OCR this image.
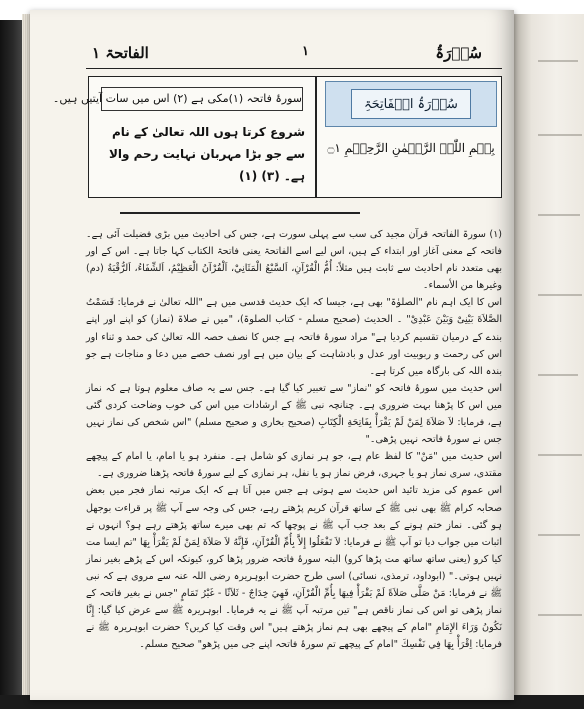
الفاتحۃ ۱	۱	سُوۡرَۃُ
سورۂ فاتحہ (۱)مکی ہے (۲) اس میں سات آیتیں ہیں۔
شروع کرتا ہوں اللہ تعالیٰ کے نام سے جو بڑا مہربان نہایت رحم والا ہے۔ (۳) (۱)
سُوۡرَۃُ الۡفَاتِحَۃِ
بِسۡمِ اللّٰہِ الرَّحۡمٰنِ الرَّحِیۡمِ ۝۱

(۱) سورۃ الفاتحہ قرآن مجید کی سب سے پہلی سورت ہے، جس کی احادیث میں بڑی فضیلت آئی ہے۔ فاتحہ کے معنی آغاز اور ابتداء کے ہیں، اس لیے اسے الفاتحۃ یعنی فاتحۃ الکتاب کہا جاتا ہے۔ اس کے اور بھی متعدد نام احادیث سے ثابت ہیں مثلاً: أُمُّ الْقُرْآنِ، اَلسَّبْعُ الْمَثَانِيْ، اَلْقُرْآنُ الْعَظِيْمُ، اَلشِّفَاءُ، اَلرُّقْيَةُ (دم) وغیرها من الأسماء۔

اس کا ایک اہم نام "الصلوٰۃ" بھی ہے، جیسا کہ ایک حدیث قدسی میں ہے "اللہ تعالیٰ نے فرمایا: قَسَمْتُ الصَّلاَةَ بَیْنِیْ وَبَیْنَ عَبْدِیْ" ۔ الحدیث (صحیح مسلم - کتاب الصلوۃ)، "میں نے صلاۃ (نماز) کو اپنے اور اپنے بندے کے درمیان تقسیم کردیا ہے" مراد سورۂ فاتحہ ہے جس کا نصف حصہ اللہ تعالیٰ کی حمد و ثناء اور اس کی رحمت و ربوبیت اور عدل و بادشاہت کے بیان میں ہے اور نصف حصے میں دعا و مناجات ہے جو بندہ اللہ کی بارگاہ میں کرتا ہے۔

اس حدیث میں سورۂ فاتحہ کو "نماز" سے تعبیر کیا گیا ہے۔ جس سے یہ صاف معلوم ہوتا ہے کہ نماز میں اس کا پڑھنا بہت ضروری ہے۔ چنانچہ نبی ﷺ کے ارشادات میں اس کی خوب وضاحت کردی گئی ہے، فرمایا: لاَ صَلاَةَ لِمَنْ لَمْ يَقْرَأْ بِفَاتِحَةِ الْكِتَابِ (صحیح بخاری و صحیح مسلم) "اس شخص کی نماز نہیں جس نے سورۂ فاتحہ نہیں پڑھی۔"

اس حدیث میں "مَنْ" کا لفظ عام ہے، جو ہر نمازی کو شامل ہے۔ منفرد ہو یا امام، یا امام کے پیچھے مقتدی، سری نماز ہو یا جہری، فرض نماز ہو یا نفل، ہر نمازی کے لیے سورۂ فاتحہ پڑھنا ضروری ہے۔

اس عموم کی مزید تائید اس حدیث سے ہوتی ہے جس میں آتا ہے کہ ایک مرتبہ نماز فجر میں بعض صحابہ کرام ﷺ بھی نبی ﷺ کے ساتھ قرآن کریم پڑھتے رہے، جس کی وجہ سے آپ ﷺ پر قراءت بوجھل ہو گئی۔ نماز ختم ہونے کے بعد جب آپ ﷺ نے پوچھا کہ تم بھی میرے ساتھ پڑھتے رہے ہو؟ انہوں نے اثبات میں جواب دیا تو آپ ﷺ نے فرمایا: لاَ تَفْعَلُوا إِلاَّ بِأُمِّ الْقُرْآنِ، فَإِنَّهُ لاَ صَلاَةَ لِمَنْ لَمْ يَقْرَأْ بِهَا "تم ایسا مت کیا کرو (یعنی ساتھ ساتھ مت پڑھا کرو) البتہ سورۂ فاتحہ ضرور پڑھا کرو، کیونکہ اس کے پڑھے بغیر نماز نہیں ہوتی۔" (ابوداود، ترمذی، نسائی) اسی طرح حضرت ابوہریرہ رضی اللہ عنہ سے مروی ہے کہ نبی ﷺ نے فرمایا: مَنْ صَلَّى صَلاَةً لَمْ يَقْرَأْ فِيهَا بِأُمِّ الْقُرْآنِ، فَهِيَ خِدَاجٌ - ثَلاَثًا - غَيْرُ تَمَامٍ "جس نے بغیر فاتحہ کے نماز پڑھی تو اس کی نماز ناقص ہے" تین مرتبہ آپ ﷺ نے یہ فرمایا۔ ابوہریرہ ﷺ سے عرض کیا گیا: إِنَّا نَكُونُ وَرَاءَ الإِمَامِ "امام کے پیچھے بھی ہم نماز پڑھتے ہیں" اس وقت کیا کریں؟ حضرت ابوہریرہ ﷺ نے فرمایا: اِقْرَأْ بِهَا فِي نَفْسِكَ "امام کے پیچھے تم سورۂ فاتحہ اپنے جی میں پڑھو" صحیح مسلم۔
